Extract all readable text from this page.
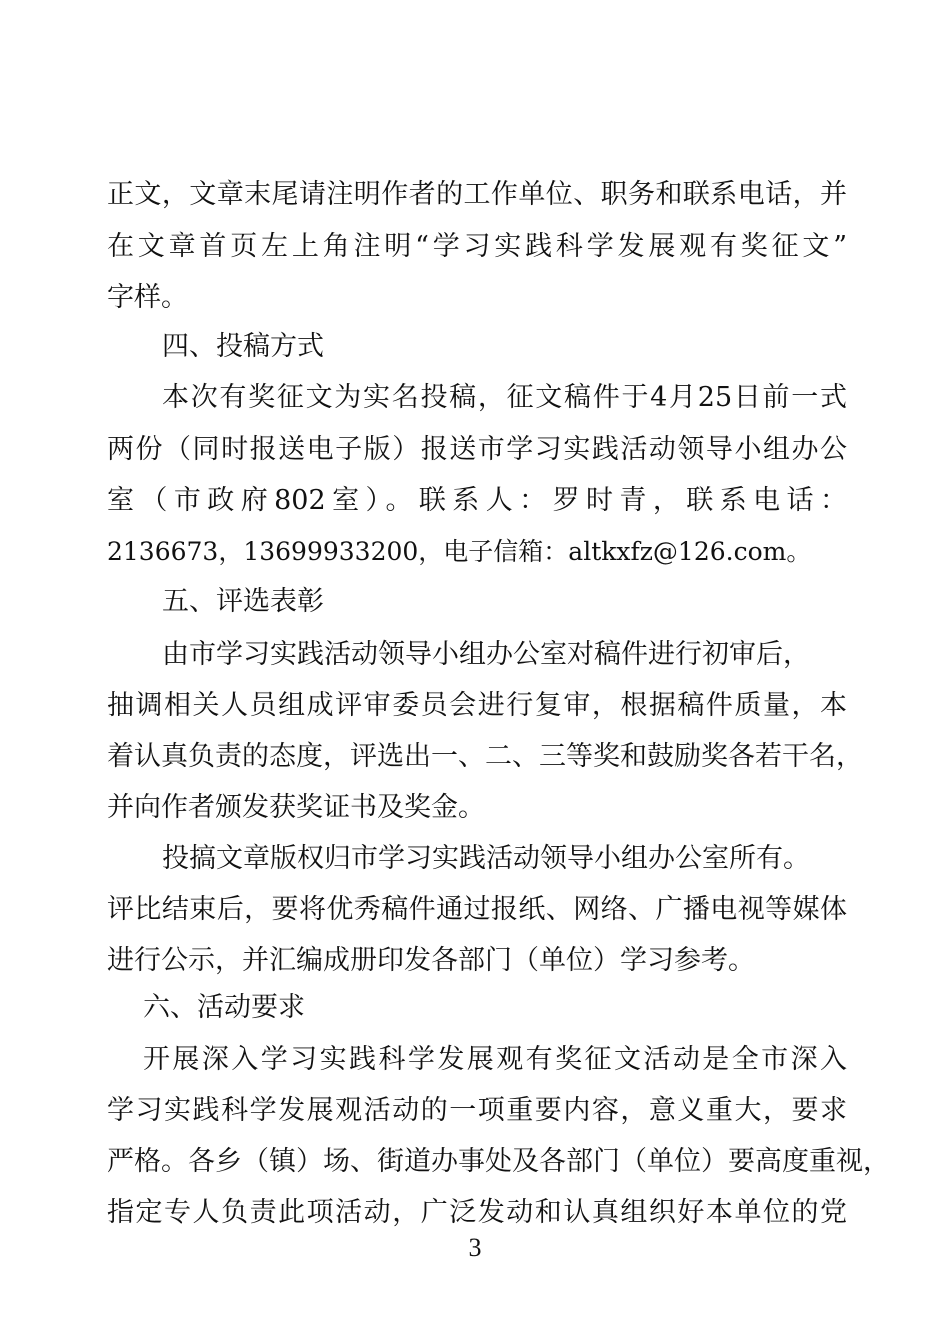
正文，文章末尾请注明作者的工作单位、职务和联系电话，并
在文章首页左上角注明“学习实践科学发展观有奖征文”
字样。
四、投稿方式
本次有奖征文为实名投稿，征文稿件于4月25日前一式
两份（同时报送电子版）报送市学习实践活动领导小组办公
室（市政府802室）。联系人：罗时青，联系电话：
2136673，13699933200，电子信箱：altkxfz@126.com。
五、评选表彰
由市学习实践活动领导小组办公室对稿件进行初审后，
抽调相关人员组成评审委员会进行复审，根据稿件质量，本
着认真负责的态度，评选出一、二、三等奖和鼓励奖各若干名，
并向作者颁发获奖证书及奖金。
投搞文章版权归市学习实践活动领导小组办公室所有。
评比结束后，要将优秀稿件通过报纸、网络、广播电视等媒体
进行公示，并汇编成册印发各部门（单位）学习参考。
六、活动要求
开展深入学习实践科学发展观有奖征文活动是全市深入
学习实践科学发展观活动的一项重要内容，意义重大，要求
严格。各乡（镇）场、街道办事处及各部门（单位）要高度重视，
指定专人负责此项活动，广泛发动和认真组织好本单位的党
3
